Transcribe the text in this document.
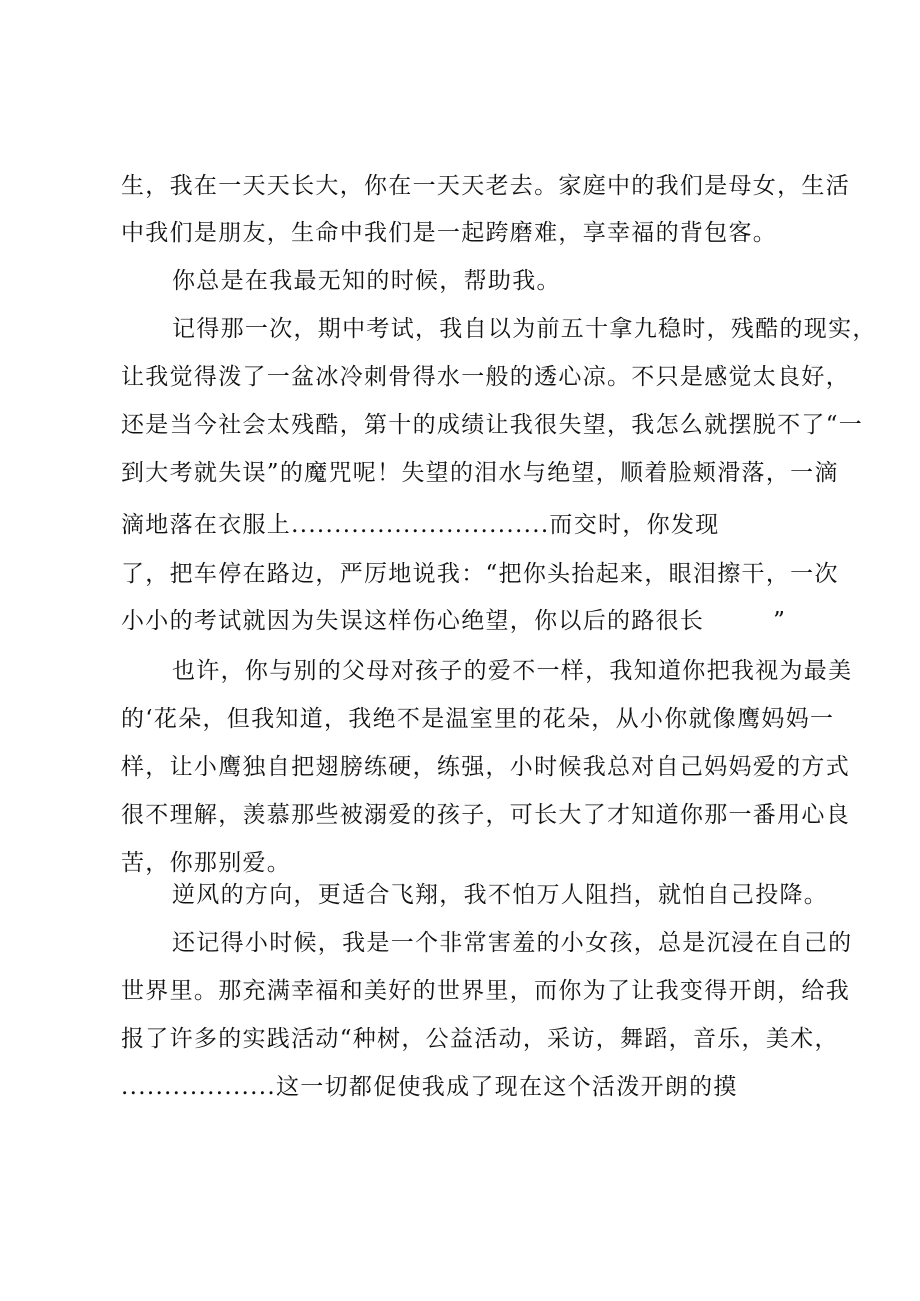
生，我在一天天长大，你在一天天老去。家庭中的我们是母女，生活
中我们是朋友，生命中我们是一起跨磨难，享幸福的背包客。
你总是在我最无知的时候，帮助我。
记得那一次，期中考试，我自以为前五十拿九稳时，残酷的现实，
让我觉得泼了一盆冰冷刺骨得水一般的透心凉。不只是感觉太良好，
还是当今社会太残酷，第十的成绩让我很失望，我怎么就摆脱不了“一
到大考就失误”的魔咒呢！失望的泪水与绝望，顺着脸颊滑落，一滴
滴地落在衣服上..............................而交时，你发现
了，把车停在路边，严厉地说我：“把你头抬起来，眼泪擦干，一次
小小的考试就因为失误这样伤心绝望，你以后的路很长        ”
也许，你与别的父母对孩子的爱不一样，我知道你把我视为最美
的‘花朵，但我知道，我绝不是温室里的花朵，从小你就像鹰妈妈一
样，让小鹰独自把翅膀练硬，练强，小时候我总对自己妈妈爱的方式
很不理解，羡慕那些被溺爱的孩子，可长大了才知道你那一番用心良
苦，你那别爱。
逆风的方向，更适合飞翔，我不怕万人阻挡，就怕自己投降。
还记得小时候，我是一个非常害羞的小女孩，总是沉浸在自己的
世界里。那充满幸福和美好的世界里，而你为了让我变得开朗，给我
报了许多的实践活动“种树，公益活动，采访，舞蹈，音乐，美术，
..................这一切都促使我成了现在这个活泼开朗的摸
